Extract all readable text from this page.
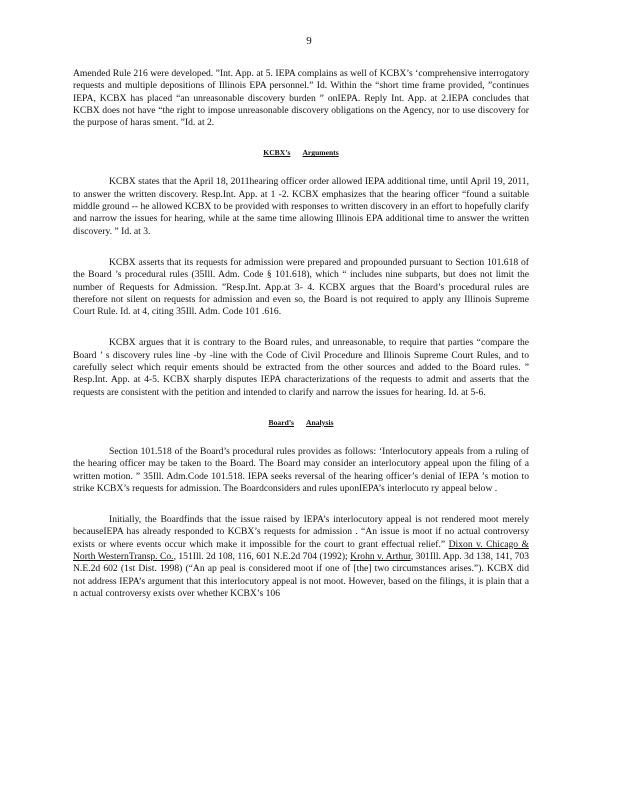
9

Amended Rule 216 were developed. ”Int. App. at 5. IEPA complains as well of KCBX’s ‘comprehensive interrogatory requests and multiple depositions of Illinois EPA personnel.” Id. Within the “short time frame provided, ”continues IEPA, KCBX has placed “an unreasonable discovery burden ” onIEPA. Reply Int. App. at 2.IEPA concludes that KCBX does not have “the right to impose unreasonable discovery obligations on the Agency, nor to use discovery for the purpose of haras sment. ”Id. at 2.

KCBX’s Arguments

KCBX states that the April 18, 2011hearing officer order allowed IEPA additional time, until April 19, 2011, to answer the written discovery. Resp.Int. App. at 1 -2. KCBX emphasizes that the hearing officer “found a suitable middle ground -- he allowed KCBX to be provided with responses to written discovery in an effort to hopefully clarify and narrow the issues for hearing, while at the same time allowing Illinois EPA additional time to answer the written discovery. ” Id. at 3.

KCBX asserts that its requests for admission were prepared and propounded pursuant to Section 101.618 of the Board ’s procedural rules (35Ill. Adm. Code § 101.618), which “ includes nine subparts, but does not limit the number of Requests for Admission. ”Resp.Int. App.at 3- 4. KCBX argues that the Board’s procedural rules are therefore not silent on requests for admission and even so, the Board is not required to apply any Illinois Supreme Court Rule. Id. at 4, citing 35Ill. Adm. Code 101 .616.

KCBX argues that it is contrary to the Board rules, and unreasonable, to require that parties “compare the Board ’ s discovery rules line -by -line with the Code of Civil Procedure and Illinois Supreme Court Rules, and to carefully select which requir ements should be extracted from the other sources and added to the Board rules. ” Resp.Int. App. at 4-5. KCBX sharply disputes IEPA characterizations of the requests to admit and asserts that the requests are consistent with the petition and intended to clarify and narrow the issues for hearing. Id. at 5-6.

Board’s Analysis

Section 101.518 of the Board’s procedural rules provides as follows: ‘Interlocutory appeals from a ruling of the hearing officer may be taken to the Board. The Board may consider an interlocutory appeal upon the filing of a written motion. ” 35Ill. Adm.Code 101.518. IEPA seeks reversal of the hearing officer’s denial of IEPA ’s motion to strike KCBX’s requests for admission. The Boardconsiders and rules uponIEPA’s interlocuto ry appeal below .

Initially, the Boardfinds that the issue raised by IEPA’s interlocutory appeal is not rendered moot merely becauseIEPA has already responded to KCBX’s requests for admission . “An issue is moot if no actual controversy exists or where events occur which make it impossible for the court to grant effectual relief.” Dixon v. Chicago & North WesternTransp. Co., 151Ill. 2d 108, 116, 601 N.E.2d 704 (1992); Krohn v. Arthur, 301Ill. App. 3d 138, 141, 703 N.E.2d 602 (1st Dist. 1998) (“An ap peal is considered moot if one of [the] two circumstances arises.”). KCBX did not address IEPA’s argument that this interlocutory appeal is not moot. However, based on the filings, it is plain that a n actual controversy exists over whether KCBX’s 106
